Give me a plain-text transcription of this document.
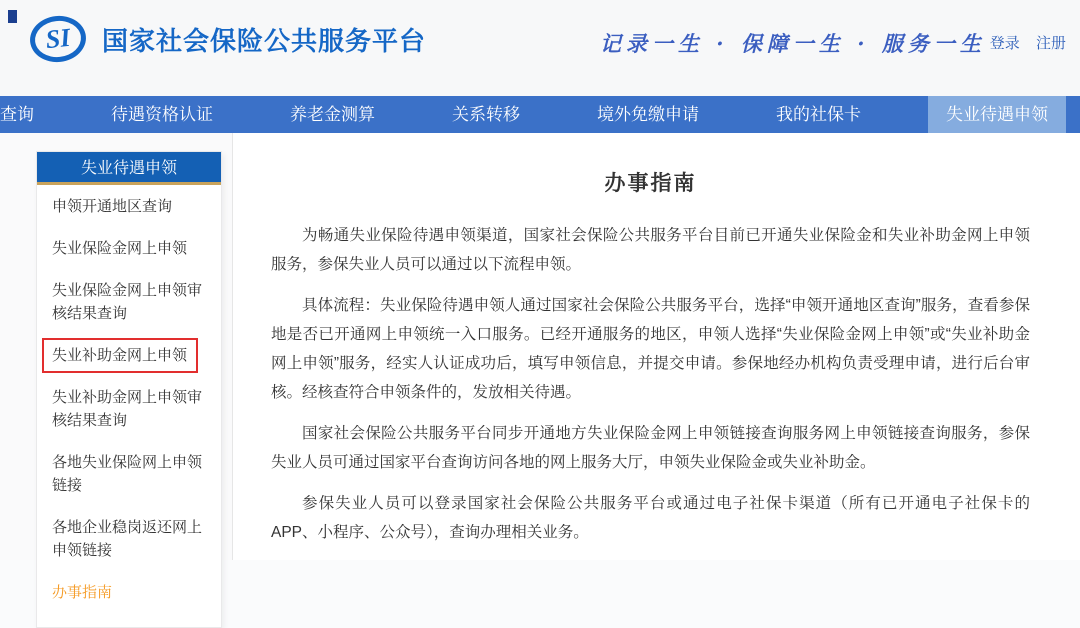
SI	国家社会保险公共服务平台	记录一生 · 保障一生 · 服务一生 登录 注册
查询	待遇资格认证	养老金测算	关系转移	境外免缴申请	我的社保卡	失业待遇申领
办事指南

为畅通失业保险待遇申领渠道，国家社会保险公共服务平台目前已开通失业保险金和失业补助金网上申领服务，参保失业人员可以通过以下流程申领。

具体流程：失业保险待遇申领人通过国家社会保险公共服务平台，选择“申领开通地区查询”服务，查看参保地是否已开通网上申领统一入口服务。已经开通服务的地区，申领人选择“失业保险金网上申领”或“失业补助金网上申领”服务，经实人认证成功后，填写申领信息，并提交申请。参保地经办机构负责受理申请，进行后台审核。经核查符合申领条件的，发放相关待遇。

国家社会保险公共服务平台同步开通地方失业保险金网上申领链接查询服务网上申领链接查询服务，参保失业人员可通过国家平台查询访问各地的网上服务大厅，申领失业保险金或失业补助金。

参保失业人员可以登录国家社会保险公共服务平台或通过电子社保卡渠道（所有已开通电子社保卡的APP、小程序、公众号），查询办理相关业务。

失业待遇申领
申领开通地区查询
失业保险金网上申领
失业保险金网上申领审核结果查询
失业补助金网上申领
失业补助金网上申领审核结果查询
各地失业保险网上申领链接
各地企业稳岗返还网上申领链接
办事指南
